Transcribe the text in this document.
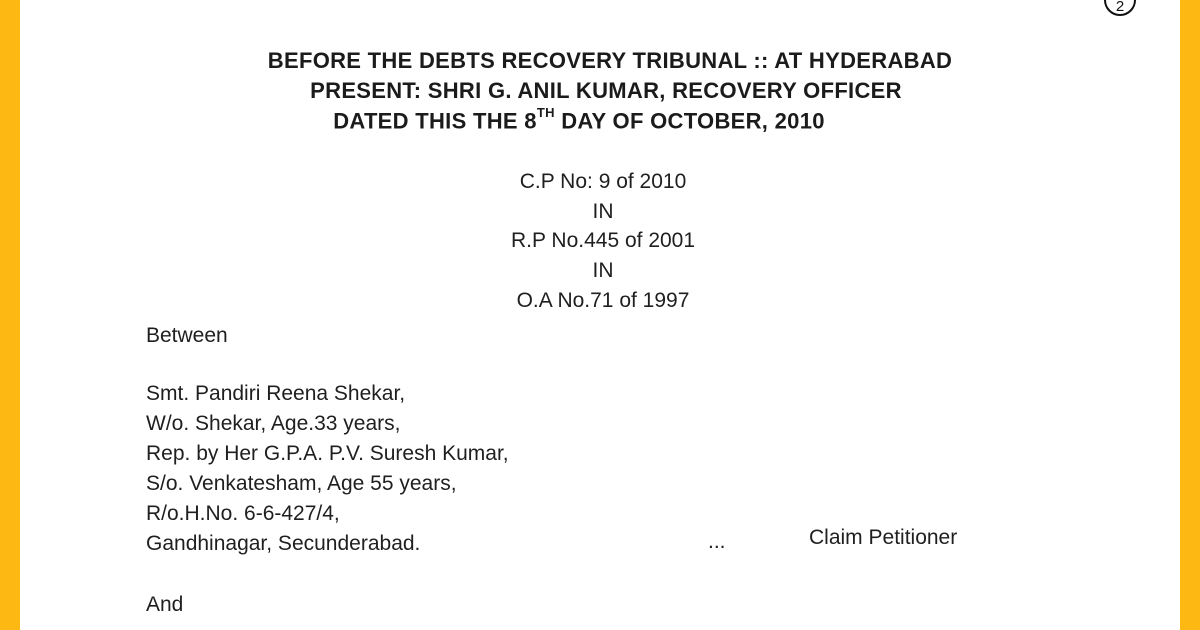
2
BEFORE THE DEBTS RECOVERY TRIBUNAL :: AT HYDERABAD
PRESENT: SHRI G. ANIL KUMAR, RECOVERY OFFICER
DATED THIS THE 8TH DAY OF OCTOBER, 2010
C.P No: 9 of 2010
IN
R.P No.445 of 2001
IN
O.A No.71 of 1997
Between
Smt. Pandiri Reena Shekar,
W/o. Shekar, Age.33 years,
Rep. by Her G.P.A. P.V. Suresh Kumar,
S/o. Venkatesham, Age 55 years,
R/o.H.No. 6-6-427/4,
Gandhinagar, Secunderabad.	...	Claim Petitioner
And
